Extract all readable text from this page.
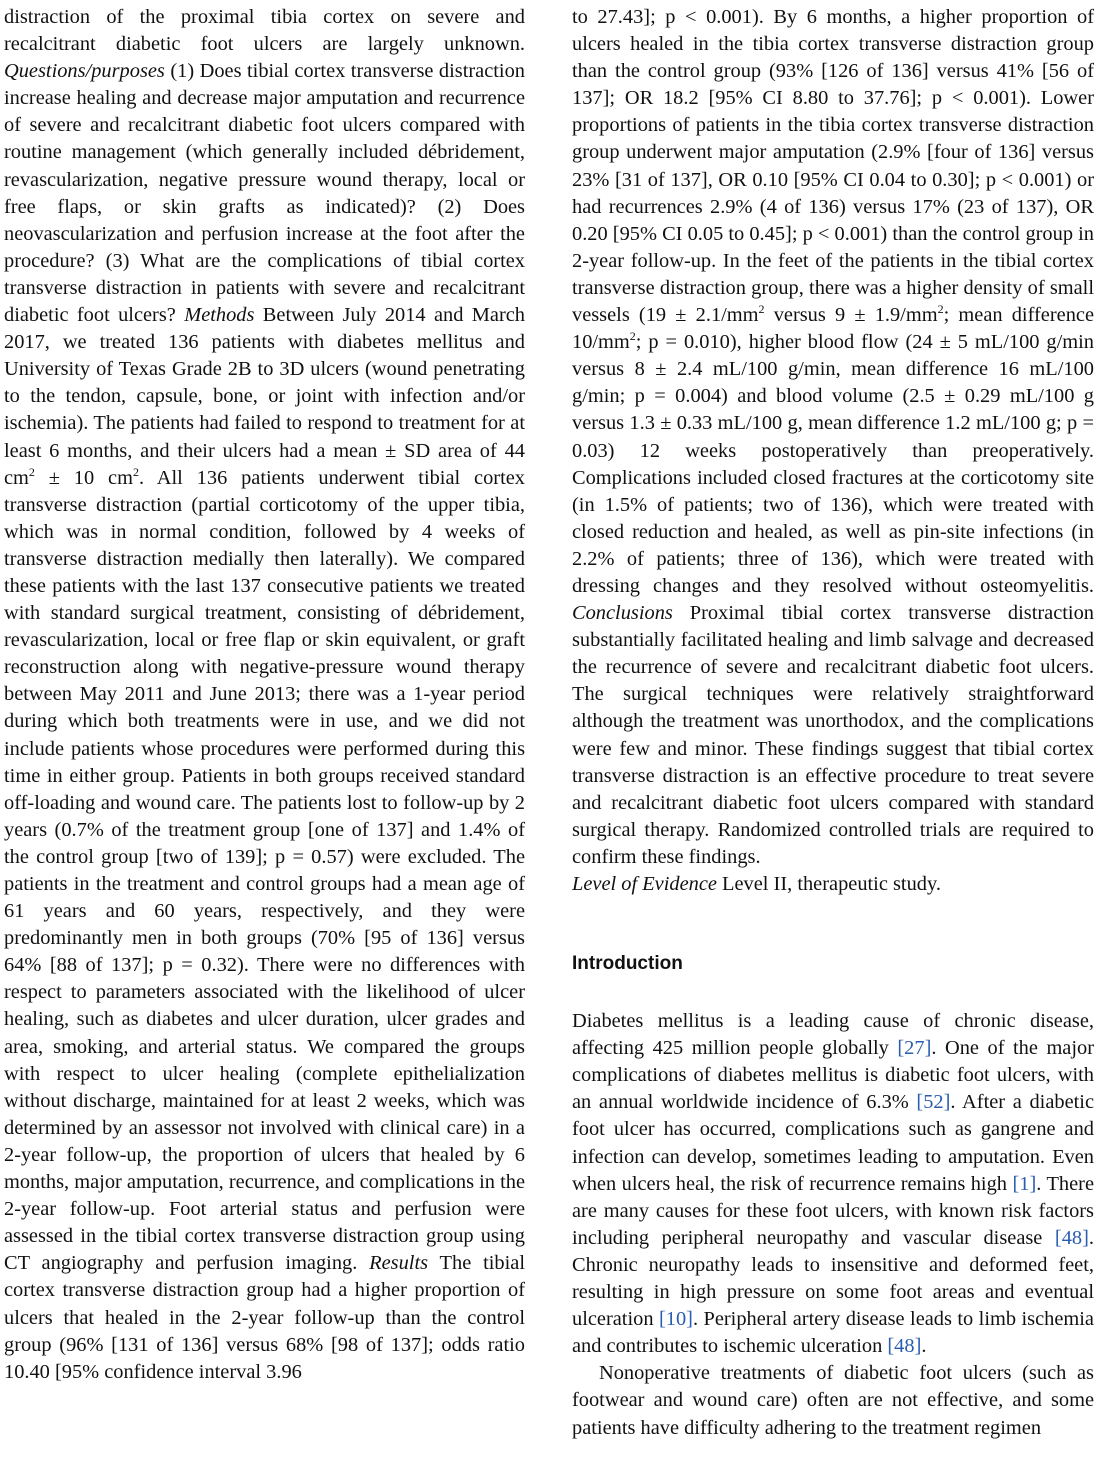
distraction of the proximal tibia cortex on severe and recalcitrant diabetic foot ulcers are largely unknown. Questions/purposes (1) Does tibial cortex transverse distraction increase healing and decrease major amputation and recurrence of severe and recalcitrant diabetic foot ulcers compared with routine management (which generally included débridement, revascularization, negative pressure wound therapy, local or free flaps, or skin grafts as indicated)? (2) Does neovascularization and perfusion increase at the foot after the procedure? (3) What are the complications of tibial cortex transverse distraction in patients with severe and recalcitrant diabetic foot ulcers? Methods Between July 2014 and March 2017, we treated 136 patients with diabetes mellitus and University of Texas Grade 2B to 3D ulcers (wound penetrating to the tendon, capsule, bone, or joint with infection and/or ischemia). The patients had failed to respond to treatment for at least 6 months, and their ulcers had a mean ± SD area of 44 $cm^2 \pm 10$ $cm^2$. All 136 patients underwent tibial cortex transverse distraction (partial corticotomy of the upper tibia, which was in normal condition, followed by 4 weeks of transverse distraction medially then laterally). We compared these patients with the last 137 consecutive patients we treated with standard surgical treatment, consisting of débridement, revascularization, local or free flap or skin equivalent, or graft reconstruction along with negative-pressure wound therapy between May 2011 and June 2013; there was a 1-year period during which both treatments were in use, and we did not include patients whose procedures were performed during this time in either group. Patients in both groups received standard off-loading and wound care. The patients lost to follow-up by 2 years (0.7% of the treatment group [one of 137] and 1.4% of the control group [two of 139]; p = 0.57) were excluded. The patients in the treatment and control groups had a mean age of 61 years and 60 years, respectively, and they were predominantly men in both groups (70% [95 of 136] versus 64% [88 of 137]; p = 0.32). There were no differences with respect to parameters associated with the likelihood of ulcer healing, such as diabetes and ulcer duration, ulcer grades and area, smoking, and arterial status. We compared the groups with respect to ulcer healing (complete epithelialization without discharge, maintained for at least 2 weeks, which was determined by an assessor not involved with clinical care) in a 2-year follow-up, the proportion of ulcers that healed by 6 months, major amputation, recurrence, and complications in the 2-year follow-up. Foot arterial status and perfusion were assessed in the tibial cortex transverse distraction group using CT angiography and perfusion imaging. Results The tibial cortex transverse distraction group had a higher proportion of ulcers that healed in the 2-year follow-up than the control group (96% [131 of 136] versus 68% [98 of 137]; odds ratio 10.40 [95% confidence interval 3.96

to 27.43]; p < 0.001). By 6 months, a higher proportion of ulcers healed in the tibia cortex transverse distraction group than the control group (93% [126 of 136] versus 41% [56 of 137]; OR 18.2 [95% CI 8.80 to 37.76]; p < 0.001). Lower proportions of patients in the tibia cortex transverse distraction group underwent major amputation (2.9% [four of 136] versus 23% [31 of 137], OR 0.10 [95% CI 0.04 to 0.30]; p < 0.001) or had recurrences 2.9% (4 of 136) versus 17% (23 of 137), OR 0.20 [95% CI 0.05 to 0.45]; p < 0.001) than the control group in 2-year follow-up. In the feet of the patients in the tibial cortex transverse distraction group, there was a higher density of small vessels ($19 \pm 2.1/mm^2$ versus $9 \pm 1.9/mm^2$; mean difference $10/mm^2$; p = 0.010), higher blood flow (24 ± 5 mL/100 g/min versus 8 ± 2.4 mL/100 g/min, mean difference 16 mL/100 g/min; p = 0.004) and blood volume (2.5 ± 0.29 mL/100 g versus 1.3 ± 0.33 mL/100 g, mean difference 1.2 mL/100 g; p = 0.03) 12 weeks postoperatively than preoperatively. Complications included closed fractures at the corticotomy site (in 1.5% of patients; two of 136), which were treated with closed reduction and healed, as well as pin-site infections (in 2.2% of patients; three of 136), which were treated with dressing changes and they resolved without osteomyelitis. Conclusions Proximal tibial cortex transverse distraction substantially facilitated healing and limb salvage and decreased the recurrence of severe and recalcitrant diabetic foot ulcers. The surgical techniques were relatively straightforward although the treatment was unorthodox, and the complications were few and minor. These findings suggest that tibial cortex transverse distraction is an effective procedure to treat severe and recalcitrant diabetic foot ulcers compared with standard surgical therapy. Randomized controlled trials are required to confirm these findings.

Level of Evidence Level II, therapeutic study.

Introduction

Diabetes mellitus is a leading cause of chronic disease, affecting 425 million people globally [27]. One of the major complications of diabetes mellitus is diabetic foot ulcers, with an annual worldwide incidence of 6.3% [52]. After a diabetic foot ulcer has occurred, complications such as gangrene and infection can develop, sometimes leading to amputation. Even when ulcers heal, the risk of recurrence remains high [1]. There are many causes for these foot ulcers, with known risk factors including peripheral neuropathy and vascular disease [48]. Chronic neuropathy leads to insensitive and deformed feet, resulting in high pressure on some foot areas and eventual ulceration [10]. Peripheral artery disease leads to limb ischemia and contributes to ischemic ulceration [48].

Nonoperative treatments of diabetic foot ulcers (such as footwear and wound care) often are not effective, and some patients have difficulty adhering to the treatment regimen
